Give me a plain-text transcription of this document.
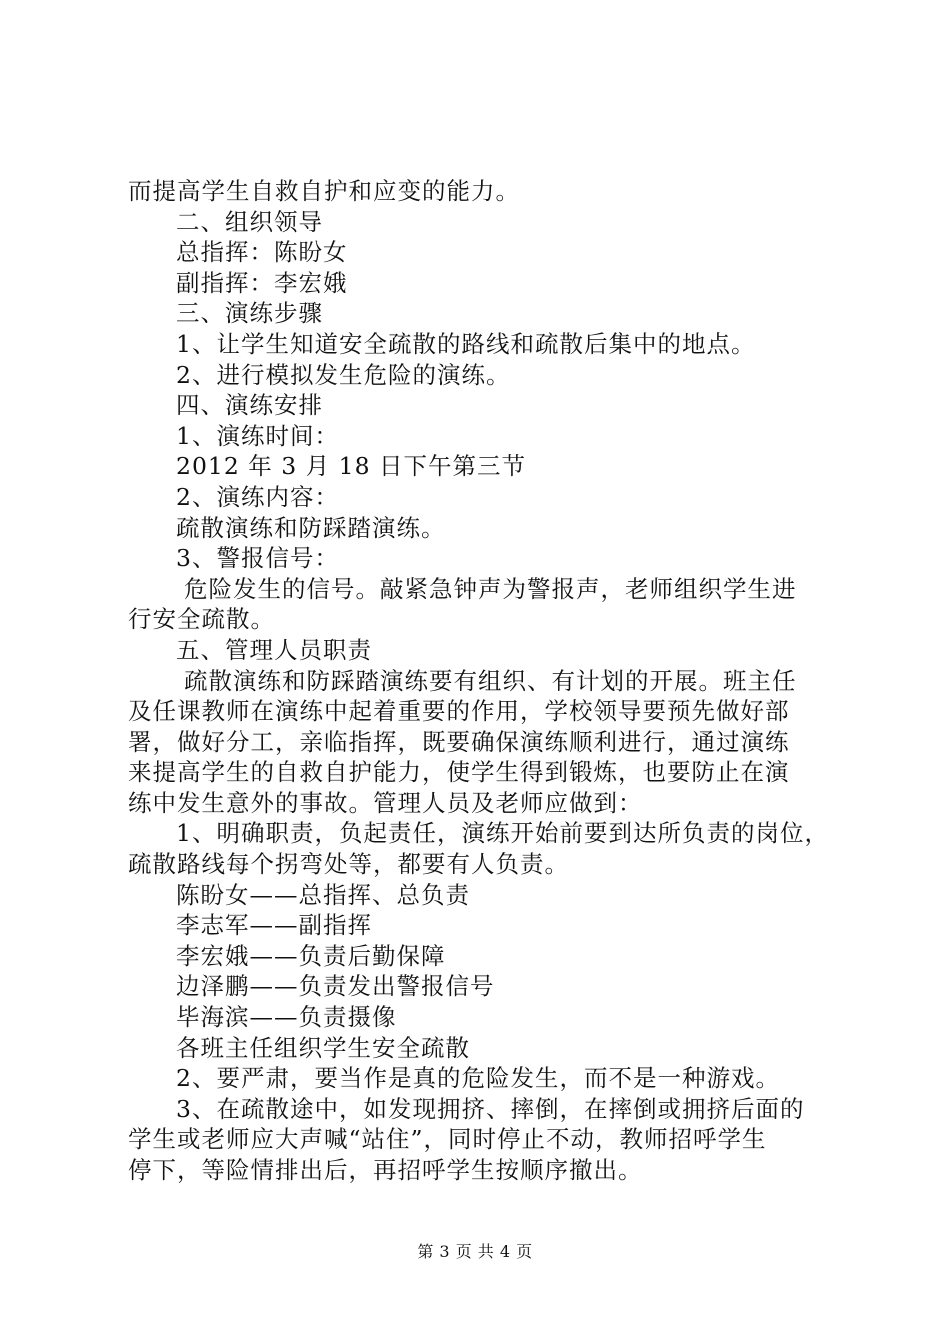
而提高学生自救自护和应变的能力。
二、组织领导
总指挥：陈盼女
副指挥：李宏娥
三、演练步骤
1、让学生知道安全疏散的路线和疏散后集中的地点。
2、进行模拟发生危险的演练。
四、演练安排
1、演练时间：
2012 年 3 月 18 日下午第三节
2、演练内容：
疏散演练和防踩踏演练。
3、警报信号：
危险发生的信号。敲紧急钟声为警报声，老师组织学生进
行安全疏散。
五、管理人员职责
疏散演练和防踩踏演练要有组织、有计划的开展。班主任
及任课教师在演练中起着重要的作用，学校领导要预先做好部
署，做好分工，亲临指挥，既要确保演练顺利进行，通过演练
来提高学生的自救自护能力，使学生得到锻炼，也要防止在演
练中发生意外的事故。管理人员及老师应做到：
1、明确职责，负起责任，演练开始前要到达所负责的岗位，
疏散路线每个拐弯处等，都要有人负责。
陈盼女——总指挥、总负责
李志军——副指挥
李宏娥——负责后勤保障
边泽鹏——负责发出警报信号
毕海滨——负责摄像
各班主任组织学生安全疏散
2、要严肃，要当作是真的危险发生，而不是一种游戏。
3、在疏散途中，如发现拥挤、摔倒，在摔倒或拥挤后面的
学生或老师应大声喊“站住”，同时停止不动，教师招呼学生
停下，等险情排出后，再招呼学生按顺序撤出。
第 3 页 共 4 页
